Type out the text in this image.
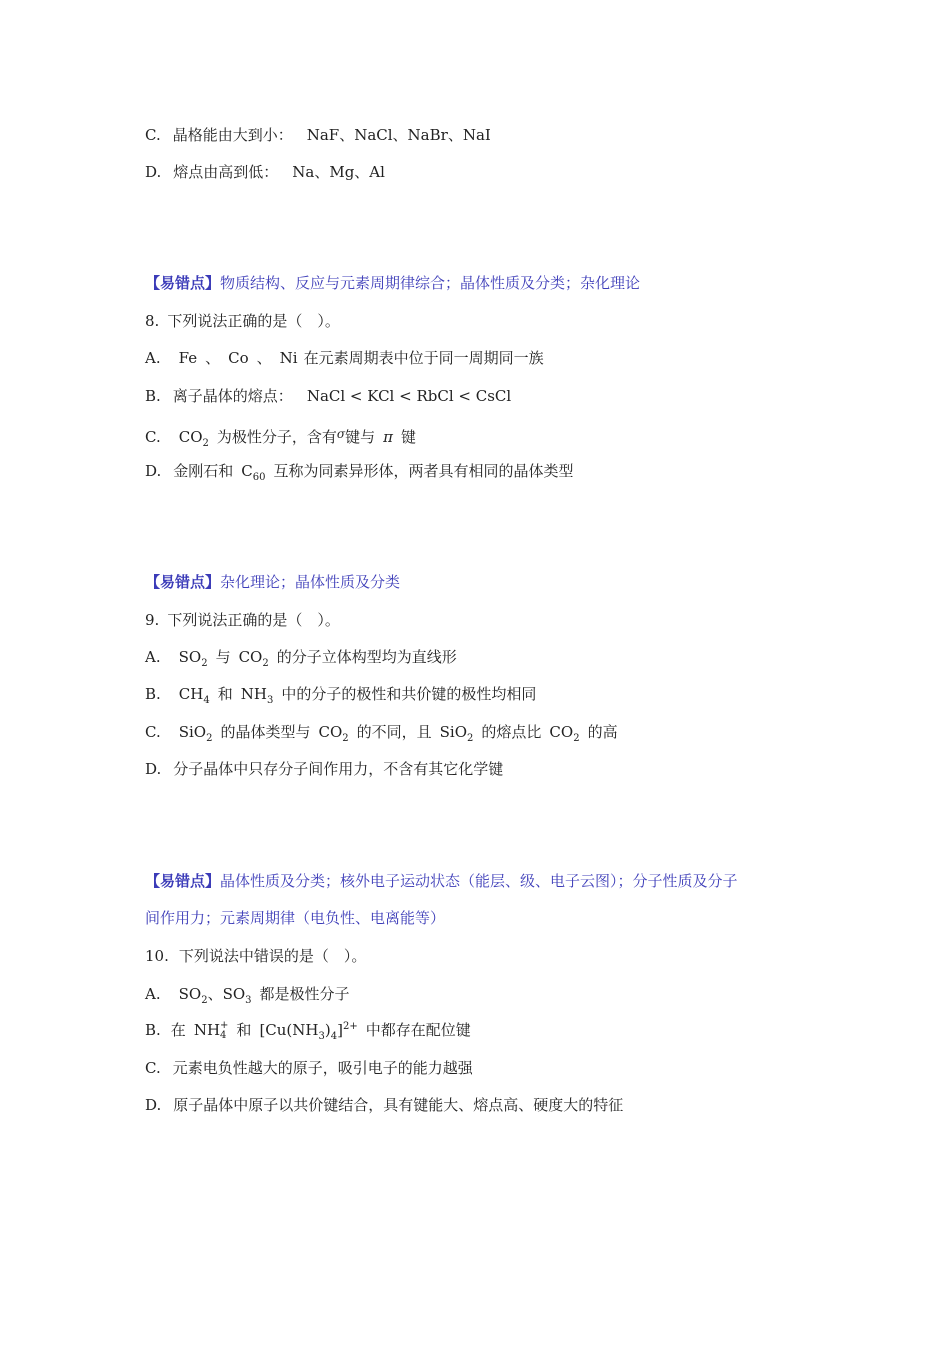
C. 晶格能由大到小： NaF、NaCl、NaBr、NaI
D. 熔点由高到低： Na、Mg、Al
【易错点】物质结构、反应与元素周期律综合；晶体性质及分类；杂化理论
8. 下列说法正确的是（　）。
A. Fe 、 Co 、 Ni 在元素周期表中位于同一周期同一族
B. 离子晶体的熔点： NaCl < KCl < RbCl < CsCl
C. $CO_2$ 为极性分子，含有$^\sigma$键与 π 键
D. 金刚石和 $C_{60}$ 互称为同素异形体，两者具有相同的晶体类型
【易错点】杂化理论；晶体性质及分类
9. 下列说法正确的是（　）。
A. $SO_2$ 与 $CO_2$ 的分子立体构型均为直线形
B. $CH_4$ 和 $NH_3$ 中的分子的极性和共价键的极性均相同
C. SiO$_2$ 的晶体类型与 $CO_2$ 的不同，且 SiO$_2$ 的熔点比 $CO_2$ 的高
D. 分子晶体中只存分子间作用力，不含有其它化学键
【易错点】晶体性质及分类；核外电子运动状态（能层、级、电子云图）；分子性质及分子
间作用力；元素周期律（电负性、电离能等）
10. 下列说法中错误的是（　）。
A. $SO_2$、$SO_3$ 都是极性分子
B. 在 NH +
4 和 $[Cu(NH_3)_4]^{2+}$ 中都存在配位键
C. 元素电负性越大的原子，吸引电子的能力越强
D. 原子晶体中原子以共价键结合，具有键能大、熔点高、硬度大的特征
